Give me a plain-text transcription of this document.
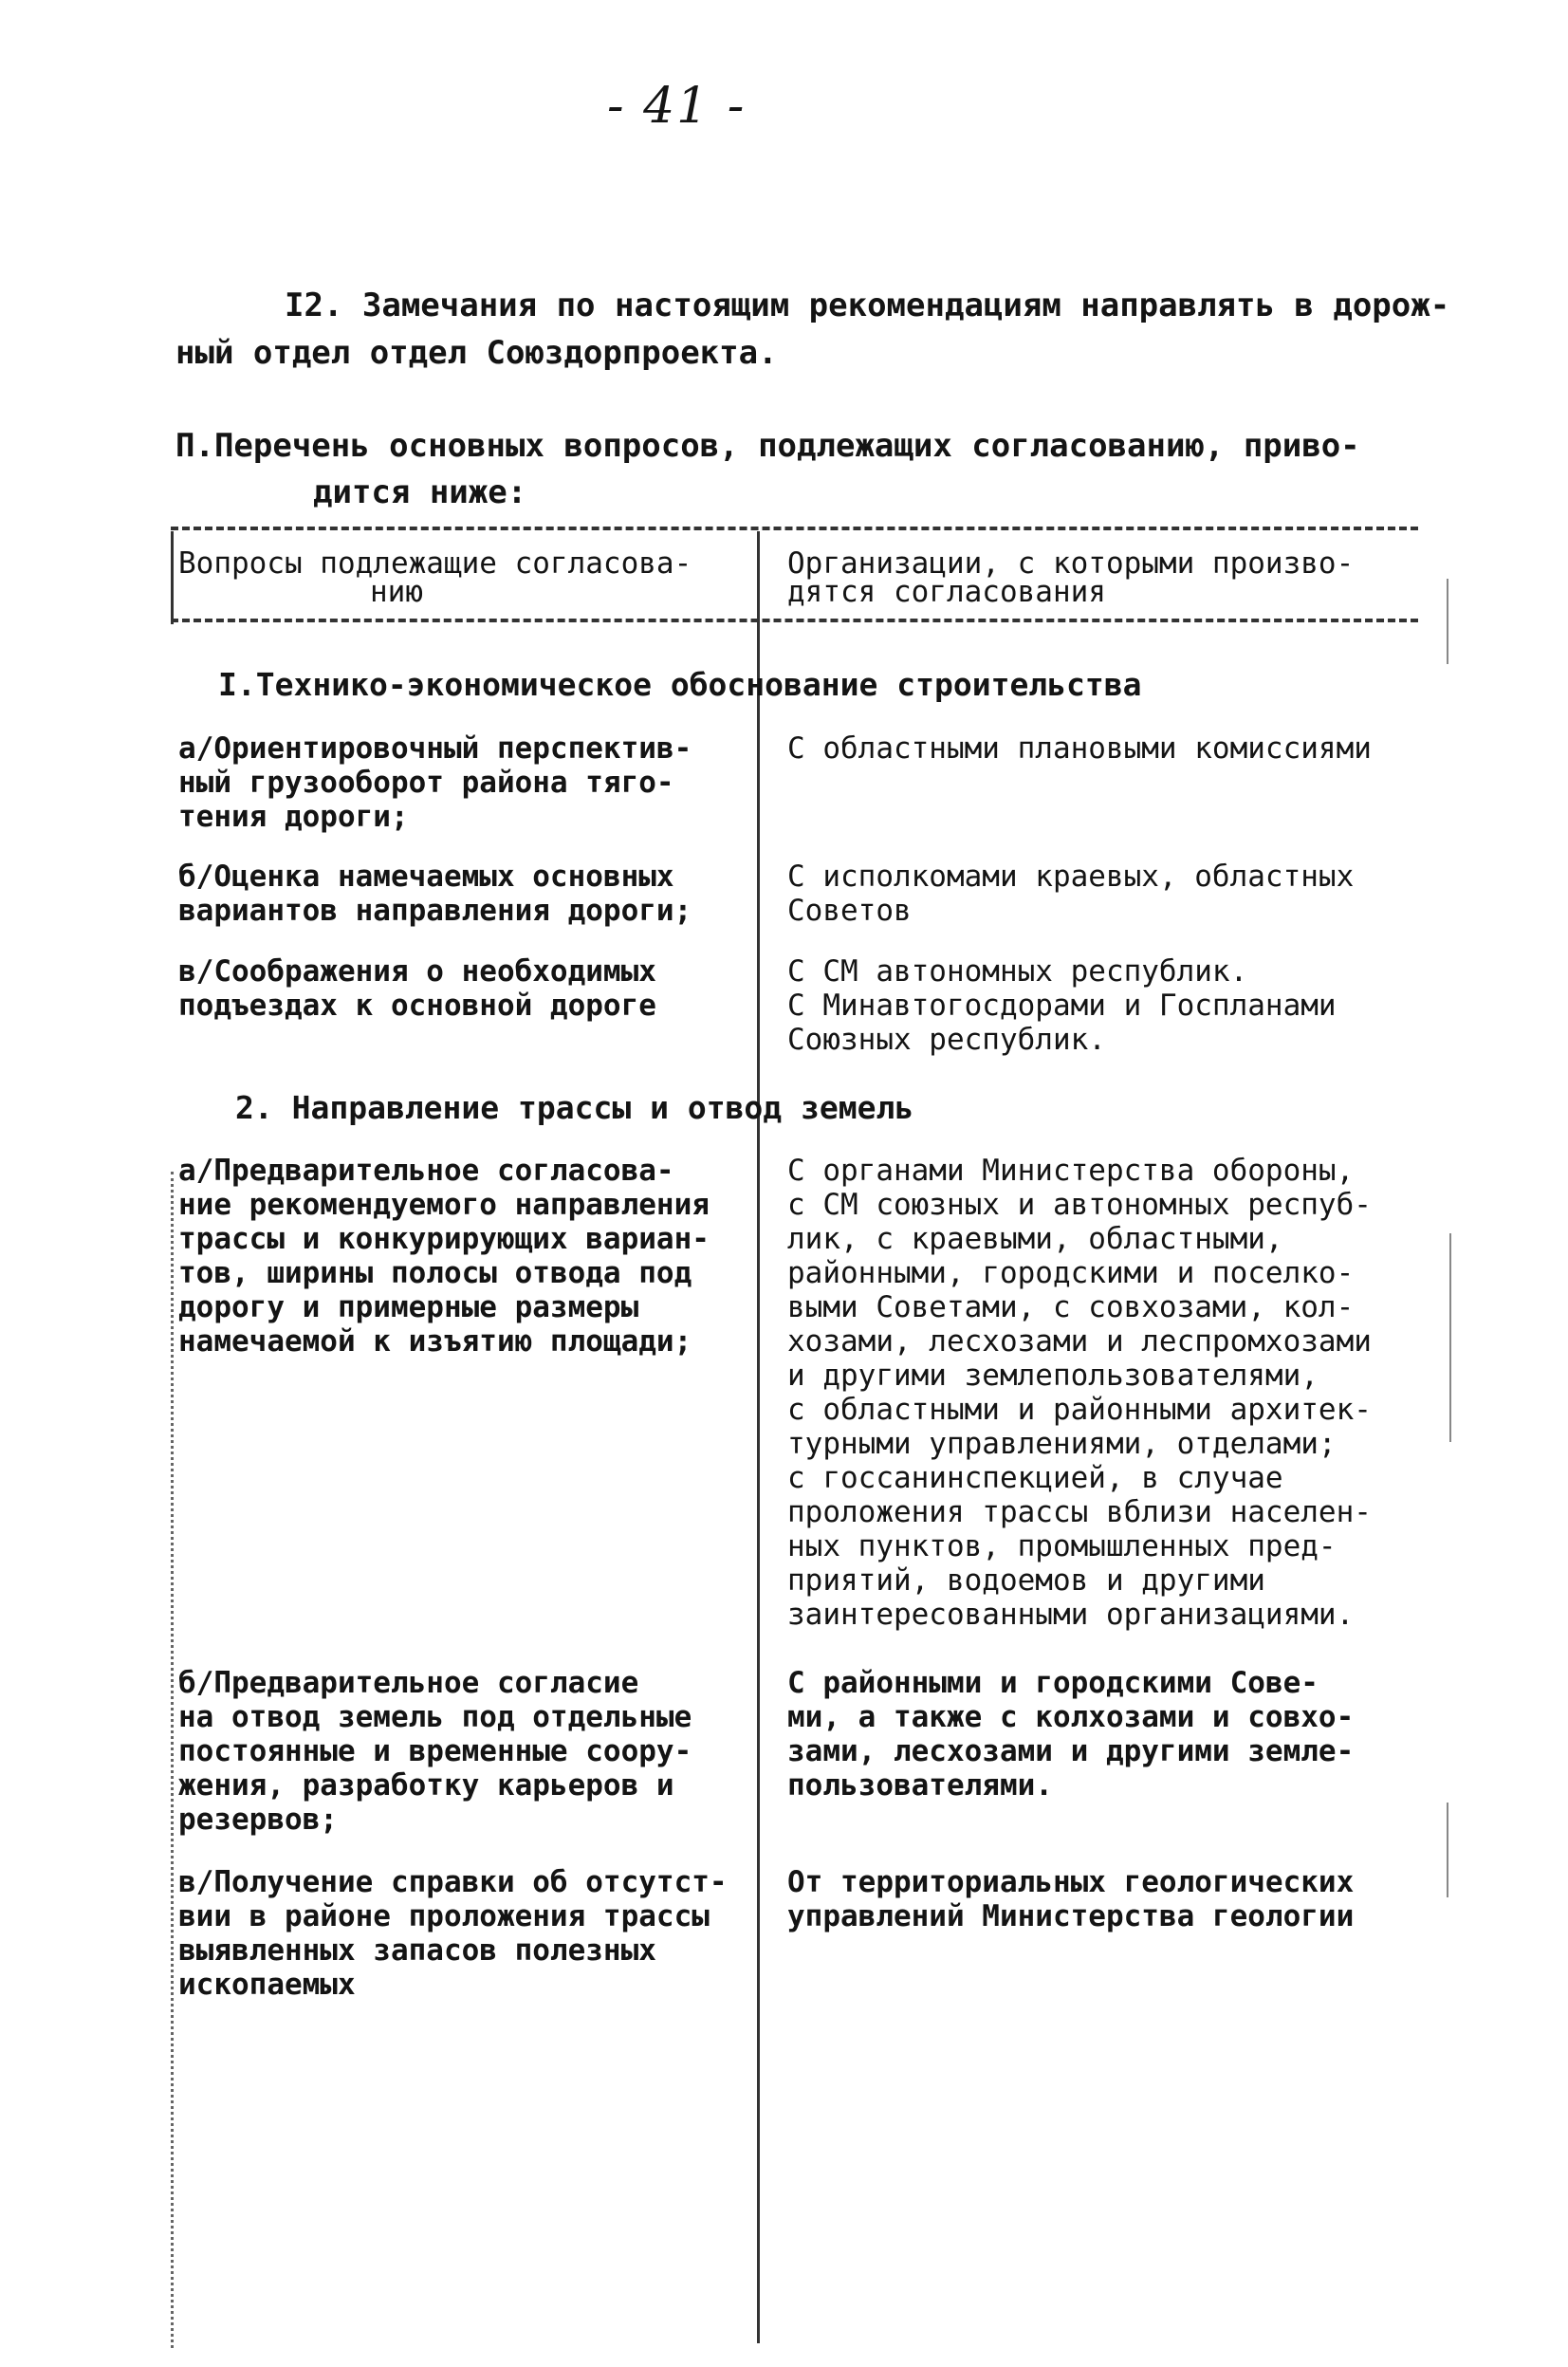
- 41 -
I2. Замечания по настоящим рекомендациям направлять в дорож-
ный отдел отдел Союздорпроекта.
П.Перечень основных вопросов, подлежащих согласованию, приво-
дится ниже:
Вопросы подлежащие согласова-
нию
Организации, с которыми произво-
дятся согласования
I.Технико-экономическое обоснование строительства
а/Ориентировочный перспектив-
ный грузооборот района тяго-
тения дороги;
С областными плановыми комиссиями
б/Оценка намечаемых основных
вариантов направления дороги;
С исполкомами краевых, областных
Советов
в/Соображения о необходимых
подъездах к основной дороге
С СМ автономных республик.
С Минавтогосдорами и Госпланами
Союзных республик.
2. Направление трассы и отвод земель
а/Предварительное согласова-
ние рекомендуемого направления
трассы и конкурирующих вариан-
тов, ширины полосы отвода под
дорогу и примерные размеры
намечаемой к изъятию площади;
С органами Министерства обороны,
с СМ союзных и автономных респуб-
лик, с краевыми, областными,
районными, городскими и поселко-
выми Советами, с совхозами, кол-
хозами, лесхозами и леспромхозами
и другими землепользователями,
с областными и районными архитек-
турными управлениями, отделами;
с госсанинспекцией, в случае
проложения трассы вблизи населен-
ных пунктов, промышленных пред-
приятий, водоемов и другими
заинтересованными организациями.
б/Предварительное согласие
на отвод земель под отдельные
постоянные и временные соору-
жения, разработку карьеров и
резервов;
С районными и городскими Сове-
ми, а также с колхозами и совхо-
зами, лесхозами и другими земле-
пользователями.
в/Получение справки об отсутст-
вии в районе проложения трассы
выявленных запасов полезных
ископаемых
От территориальных геологических
управлений Министерства геологии
